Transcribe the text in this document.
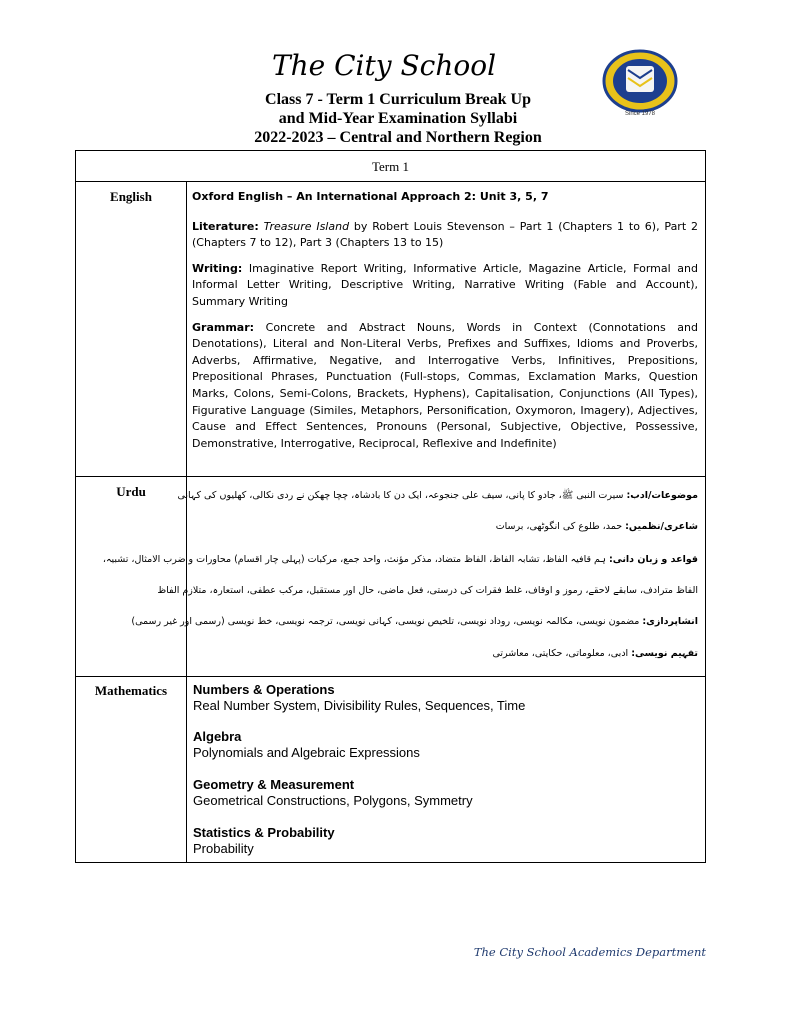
The City School
Class 7 - Term 1 Curriculum Break Up
and Mid-Year Examination Syllabi
2022-2023 – Central and Northern Region
Since 1978
Term 1
English	Oxford English – An International Approach 2: Unit 3, 5, 7

Literature: Treasure Island by Robert Louis Stevenson – Part 1 (Chapters 1 to 6), Part 2 (Chapters 7 to 12), Part 3 (Chapters 13 to 15)

Writing: Imaginative Report Writing, Informative Article, Magazine Article, Formal and Informal Letter Writing, Descriptive Writing, Narrative Writing (Fable and Account), Summary Writing

Grammar: Concrete and Abstract Nouns, Words in Context (Connotations and Denotations), Literal and Non-Literal Verbs, Prefixes and Suffixes, Idioms and Proverbs, Adverbs, Affirmative, Negative, and Interrogative Verbs, Infinitives, Prepositions, Prepositional Phrases, Punctuation (Full-stops, Commas, Exclamation Marks, Question Marks, Colons, Semi-Colons, Brackets, Hyphens), Capitalisation, Conjunctions (All Types), Figurative Language (Similes, Metaphors, Personification, Oxymoron, Imagery), Adjectives, Cause and Effect Sentences, Pronouns (Personal, Subjective, Objective, Possessive, Demonstrative, Interrogative, Reciprocal, Reflexive and Indefinite)

Urdu	موضوعات/ادب: سیرت النبی ﷺ، جادو کا پانی، سیف علی جنجوعہ، ایک دن کا بادشاہ، چچا چھکن نے ردی نکالی، کھلیوں کی کہانی
شاعری/نظمیں: حمد، طلوع کی انگوٹھی، برسات
قواعد و زبان دانی: ہم قافیہ الفاظ، تشابہ الفاظ، الفاظ متضاد، مذکر مؤنث، واحد جمع، مرکبات (پہلی چار اقسام) محاورات و ضرب الامثال، تشبیہ،
الفاظ مترادف، سابقے لاحقے، رموز و اوقاف، غلط فقرات کی درستی، فعل ماضی، حال اور مستقبل، مرکب عطفی، استعارہ، متلازم الفاظ
انشاپردازی: مضمون نویسی، مکالمہ نویسی، روداد نویسی، تلخیص نویسی، کہانی نویسی، ترجمہ نویسی، خط نویسی (رسمی اور غیر رسمی)
تفہیم نویسی: ادبی، معلوماتی، حکایتی، معاشرتی
Mathematics	Numbers & Operations
Real Number System, Divisibility Rules, Sequences, Time
Algebra
Polynomials and Algebraic Expressions
Geometry & Measurement
Geometrical Constructions, Polygons, Symmetry
Statistics & Probability
Probability
The City School Academics Department
